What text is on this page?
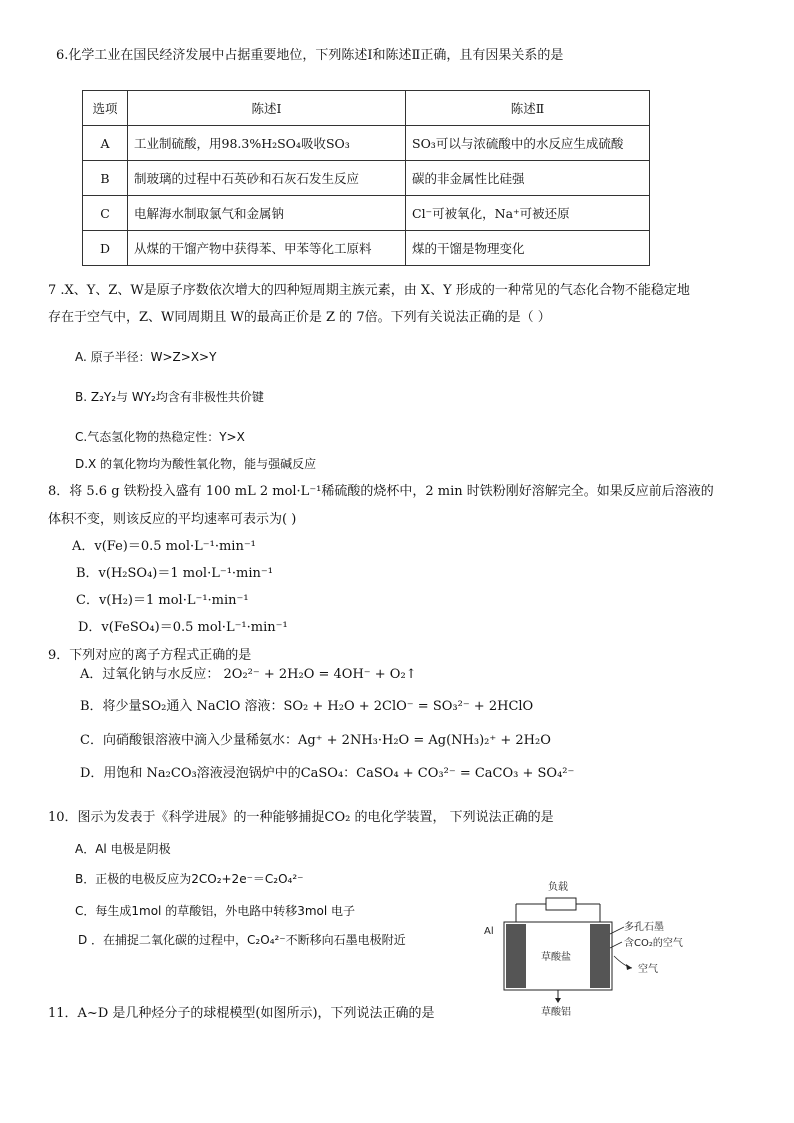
6.化学工业在国民经济发展中占据重要地位，下列陈述Ⅰ和陈述Ⅱ正确，且有因果关系的是
选项	陈述Ⅰ	陈述Ⅱ
A	工业制硫酸，用98.3%H₂SO₄吸收SO₃	SO₃可以与浓硫酸中的水反应生成硫酸
B	制玻璃的过程中石英砂和石灰石发生反应	碳的非金属性比硅强
C	电解海水制取氯气和金属钠	Cl⁻可被氧化，Na⁺可被还原
D	从煤的干馏产物中获得苯、甲苯等化工原料	煤的干馏是物理变化
7 .X、Y、Z、W是原子序数依次增大的四种短周期主族元素，由 X、Y 形成的一种常见的气态化合物不能稳定地
存在于空气中，Z、W同周期且 W的最高正价是 Z 的 7倍。下列有关说法正确的是（ ）
A. 原子半径：W>Z>X>Y
B. Z₂Y₂与 WY₂均含有非极性共价键
C.气态氢化物的热稳定性：Y>X
D.X 的氧化物均为酸性氧化物，能与强碱反应
8．将 5.6 g 铁粉投入盛有 100 mL 2 mol·L⁻¹稀硫酸的烧杯中，2 min 时铁粉刚好溶解完全。如果反应前后溶液的
体积不变，则该反应的平均速率可表示为( )
A．v(Fe)＝0.5 mol·L⁻¹·min⁻¹
B．v(H₂SO₄)＝1 mol·L⁻¹·min⁻¹
C．v(H₂)＝1 mol·L⁻¹·min⁻¹
D．v(FeSO₄)＝0.5 mol·L⁻¹·min⁻¹
9．下列对应的离子方程式正确的是
A．过氧化钠与水反应： 2O₂²⁻ + 2H₂O = 4OH⁻ + O₂↑
B．将少量SO₂通入 NaClO 溶液：SO₂ + H₂O + 2ClO⁻ = SO₃²⁻ + 2HClO
C．向硝酸银溶液中滴入少量稀氨水：Ag⁺ + 2NH₃·H₂O = Ag(NH₃)₂⁺ + 2H₂O
D．用饱和 Na₂CO₃溶液浸泡锅炉中的CaSO₄：CaSO₄ + CO₃²⁻ = CaCO₃ + SO₄²⁻
10．图示为发表于《科学进展》的一种能够捕捉CO₂ 的电化学装置， 下列说法正确的是
A．Al 电极是阴极
B．正极的电极反应为2CO₂+2e⁻＝C₂O₄²⁻
C．每生成1mol 的草酸铝，外电路中转移3mol 电子
D ．在捕捉二氧化碳的过程中，C₂O₄²⁻不断移向石墨电极附近
负载
草酸盐
Al	多孔石墨
含CO₂的空气
空气
草酸铝
11．A~D 是几种烃分子的球棍模型(如图所示)，下列说法正确的是
